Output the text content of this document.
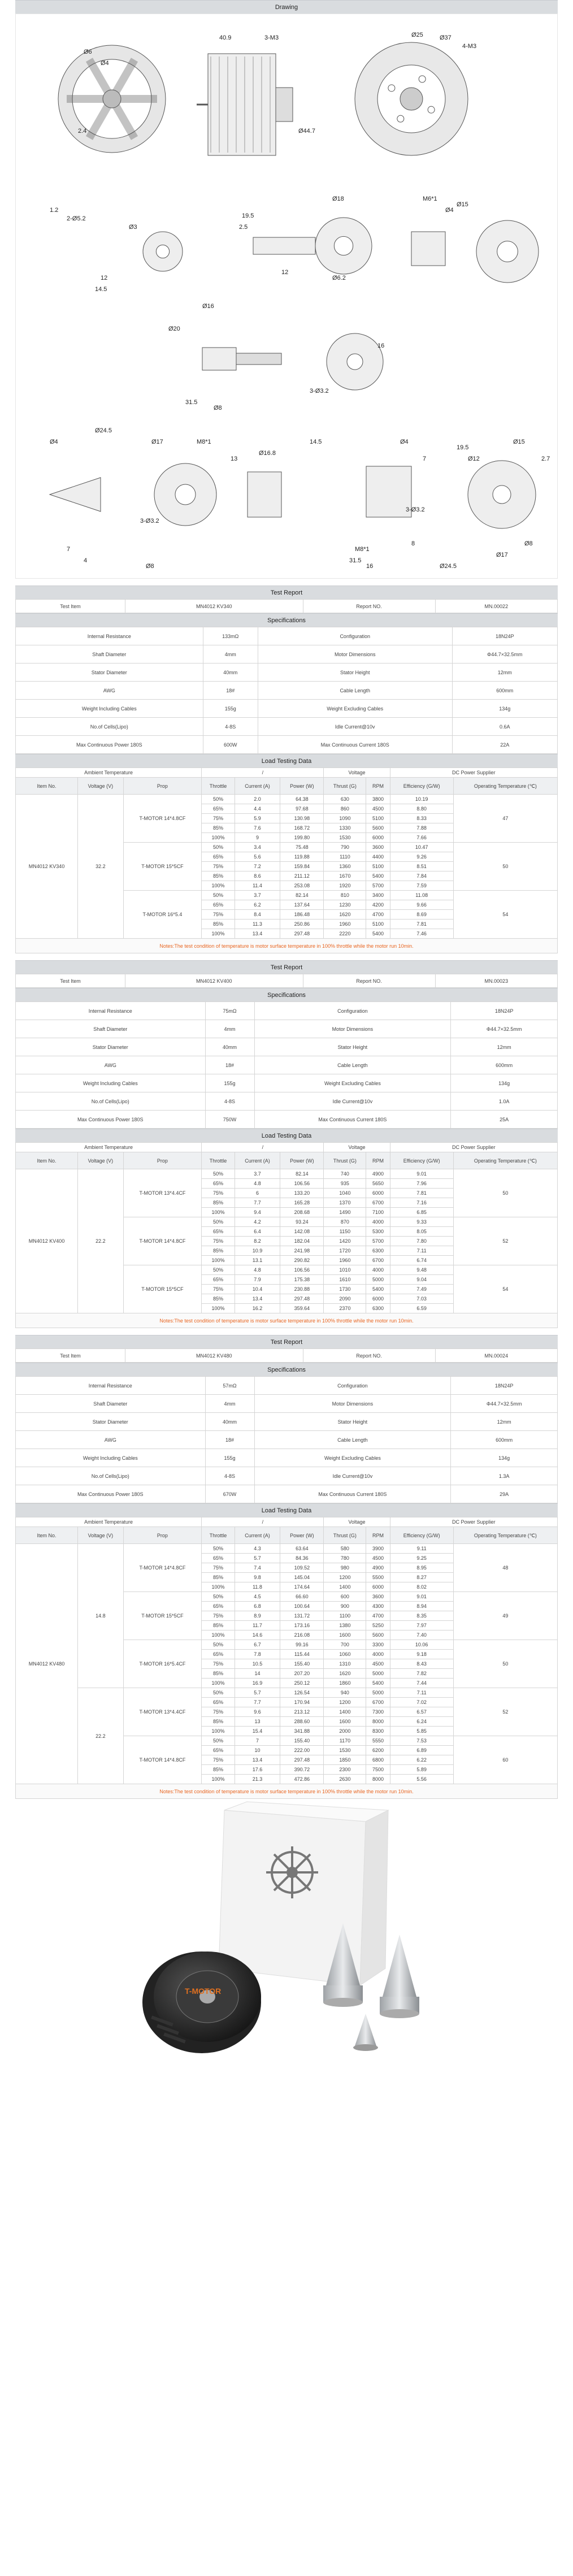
Drawing
Ø6
Ø4
2.4
40.9	3-M3	Ø25	Ø37
4-M3
Ø44.7
1.2
2-Ø5.2
Ø3
12
14.5
19.5
2.5
12
Ø6.2
Ø18
Ø4
M6*1
Ø15
Ø16
Ø20
3-Ø3.2
Ø8
31.5
16
Ø24.5
Ø4
7
4
Ø17
3-Ø3.2
Ø8
M8*1
Ø16.8
13
14.5
19.5
Ø12
Ø15
2.7
M8*1
31.5
16
8
Ø24.5
Ø4
7
3-Ø3.2
Ø8
Ø17
Test Report
Test Item	MN4012 KV340	Report NO.	MN.00022
Specifications
Internal Resistance	133mΩ	Configuration	18N24P
Shaft Diameter	4mm	Motor Dimensions	Φ44.7×32.5mm
Stator Diameter	40mm	Stator Height	12mm
AWG	18#	Cable Length	600mm
Weight Including Cables	155g	Weight Excluding Cables	134g
No.of Cells(Lipo)	4-8S	Idle Current@10v	0.6A
Max Continuous Power 180S	600W	Max Continuous Current 180S	22A
Load Testing Data
Ambient Temperature			/			Voltage		DC Power Supplier	
Item No.	Voltage (V)	Prop	Throttle	Current (A)	Power (W)	Thrust (G)	RPM	Efficiency (G/W)	Operating Temperature (℃)
MN4012 KV340	32.2	T-MOTOR 14*4.8CF	50%	2.0	64.38	630	3800	10.19	47
			65%	4.4	97.68	860	4500	8.80	
			75%	5.9	130.98	1090	5100	8.33	
			85%	7.6	168.72	1330	5600	7.88	
			100%	9	199.80	1530	6000	7.66	
		T-MOTOR 15*5CF	50%	3.4	75.48	790	3600	10.47	50
			65%	5.6	119.88	1110	4400	9.26	
			75%	7.2	159.84	1360	5100	8.51	
			85%	8.6	211.12	1670	5400	7.84	
			100%	11.4	253.08	1920	5700	7.59	
		T-MOTOR 16*5.4	50%	3.7	82.14	810	3400	11.08	54
			65%	6.2	137.64	1230	4200	9.66	
			75%	8.4	186.48	1620	4700	8.69	
			85%	11.3	250.86	1960	5100	7.81	
			100%	13.4	297.48	2220	5400	7.46	
Notes:The test condition of temperature is motor surface temperature in 100% throttle while the motor run 10min.
Test Report
Test Item	MN4012 KV400	Report NO.	MN.00023
Specifications
Internal Resistance	75mΩ	Configuration	18N24P
Shaft Diameter	4mm	Motor Dimensions	Φ44.7×32.5mm
Stator Diameter	40mm	Stator Height	12mm
AWG	18#	Cable Length	600mm
Weight Including Cables	155g	Weight Excluding Cables	134g
No.of Cells(Lipo)	4-8S	Idle Current@10v	1.0A
Max Continuous Power 180S	750W	Max Continuous Current 180S	25A
Load Testing Data
Ambient Temperature			/			Voltage		DC Power Supplier	
Item No.	Voltage (V)	Prop	Throttle	Current (A)	Power (W)	Thrust (G)	RPM	Efficiency (G/W)	Operating Temperature (℃)
MN4012 KV400	22.2	T-MOTOR 13*4.4CF	50%	3.7	82.14	740	4900	9.01	50
			65%	4.8	106.56	935	5650	7.96	
			75%	6	133.20	1040	6000	7.81	
			85%	7.7	165.28	1370	6700	7.16	
			100%	9.4	208.68	1490	7100	6.85	
		T-MOTOR 14*4.8CF	50%	4.2	93.24	870	4000	9.33	52
			65%	6.4	142.08	1150	5300	8.05	
			75%	8.2	182.04	1420	5700	7.80	
			85%	10.9	241.98	1720	6300	7.11	
			100%	13.1	290.82	1960	6700	6.74	
		T-MOTOR 15*5CF	50%	4.8	106.56	1010	4000	9.48	54
			65%	7.9	175.38	1610	5000	9.04	
			75%	10.4	230.88	1730	5400	7.49	
			85%	13.4	297.48	2090	6000	7.03	
			100%	16.2	359.64	2370	6300	6.59	
Notes:The test condition of temperature is motor surface temperature in 100% throttle while the motor run 10min.
Test Report
Test Item	MN4012 KV480	Report NO.	MN.00024
Specifications
Internal Resistance	57mΩ	Configuration	18N24P
Shaft Diameter	4mm	Motor Dimensions	Φ44.7×32.5mm
Stator Diameter	40mm	Stator Height	12mm
AWG	18#	Cable Length	600mm
Weight Including Cables	155g	Weight Excluding Cables	134g
No.of Cells(Lipo)	4-8S	Idle Current@10v	1.3A
Max Continuous Power 180S	670W	Max Continuous Current 180S	29A
Load Testing Data
Ambient Temperature			/			Voltage		DC Power Supplier	
Item No.	Voltage (V)	Prop	Throttle	Current (A)	Power (W)	Thrust (G)	RPM	Efficiency (G/W)	Operating Temperature (℃)
MN4012 KV480	14.8	T-MOTOR 14*4.8CF	50%	4.3	63.64	580	3900	9.11	48
			65%	5.7	84.36	780	4500	9.25	
			75%	7.4	109.52	980	4900	8.95	
			85%	9.8	145.04	1200	5500	8.27	
			100%	11.8	174.64	1400	6000	8.02	
		T-MOTOR 15*5CF	50%	4.5	66.60	600	3600	9.01	49
			65%	6.8	100.64	900	4300	8.94	
			75%	8.9	131.72	1100	4700	8.35	
			85%	11.7	173.16	1380	5250	7.97	
			100%	14.6	216.08	1600	5600	7.40	
		T-MOTOR 16*5.4CF	50%	6.7	99.16	700	3300	10.06	50
			65%	7.8	115.44	1060	4000	9.18	
			75%	10.5	155.40	1310	4500	8.43	
			85%	14	207.20	1620	5000	7.82	
			100%	16.9	250.12	1860	5400	7.44	
	22.2	T-MOTOR 13*4.4CF	50%	5.7	126.54	940	5000	7.11	52
			65%	7.7	170.94	1200	6700	7.02	
			75%	9.6	213.12	1400	7300	6.57	
			85%	13	288.60	1600	8000	6.24	
			100%	15.4	341.88	2000	8300	5.85	
		T-MOTOR 14*4.8CF	50%	7	155.40	1170	5550	7.53	60
			65%	10	222.00	1530	6200	6.89	
			75%	13.4	297.48	1850	6800	6.22	
			85%	17.6	390.72	2300	7500	5.89	
			100%	21.3	472.86	2630	8000	5.56	
Notes:The test condition of temperature is motor surface temperature in 100% throttle while the motor run 10min.
T-MOTOR
